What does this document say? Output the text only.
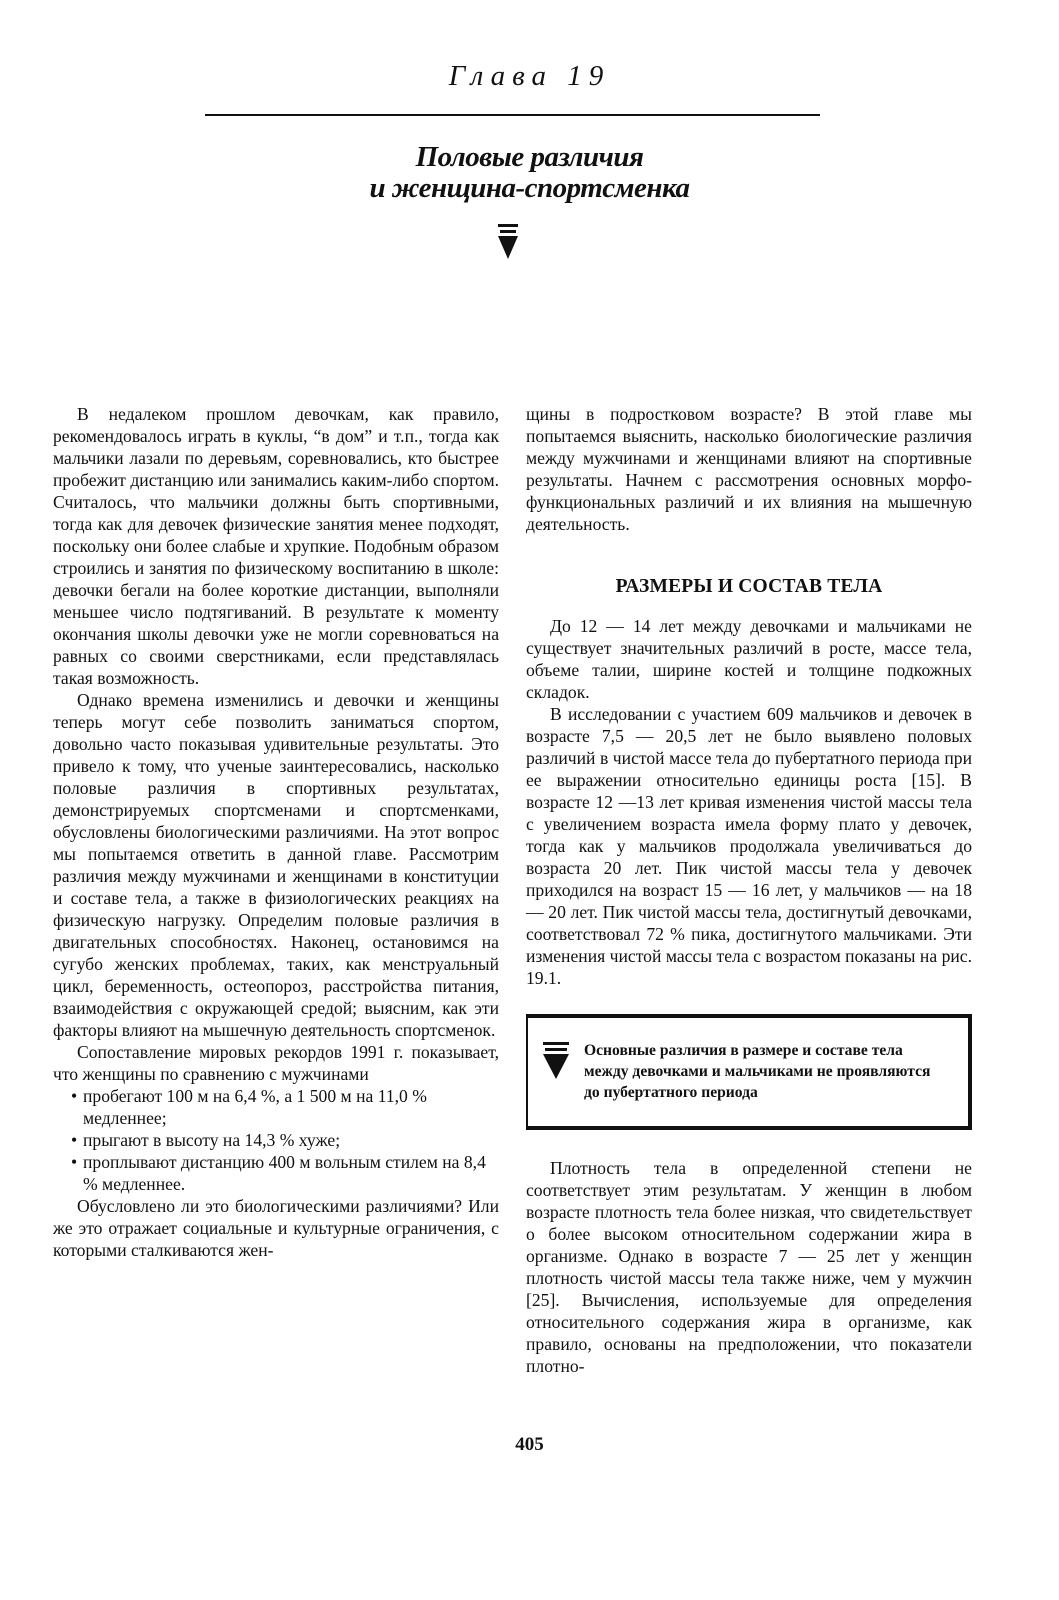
Глава 19
Половые различия
и женщина-спортсменка

В недалеком прошлом девочкам, как правило, рекомендовалось играть в куклы, “в дом” и т.п., тогда как мальчики лазали по деревьям, соревновались, кто быстрее пробежит дистанцию или занимались каким-либо спортом. Считалось, что мальчики должны быть спортивными, тогда как для девочек физические занятия менее подходят, поскольку они более слабые и хрупкие. Подобным образом строились и занятия по физическому воспитанию в школе: девочки бегали на более короткие дистанции, выполняли меньшее число подтягиваний. В результате к моменту окончания школы девочки уже не могли соревноваться на равных со своими сверстниками, если представлялась такая возможность.

Однако времена изменились и девочки и женщины теперь могут себе позволить заниматься спортом, довольно часто показывая удивительные результаты. Это привело к тому, что ученые заинтересовались, насколько половые различия в спортивных результатах, демонстрируемых спортсменами и спортсменками, обусловлены биологическими различиями. На этот вопрос мы попытаемся ответить в данной главе. Рассмотрим различия между мужчинами и женщинами в конституции и составе тела, а также в физиологических реакциях на физическую нагрузку. Определим половые различия в двигательных способностях. Наконец, остановимся на сугубо женских проблемах, таких, как менструальный цикл, беременность, остеопороз, расстройства питания, взаимодействия с окружающей средой; выясним, как эти факторы влияют на мышечную деятельность спортсменок.

Сопоставление мировых рекордов 1991 г. показывает, что женщины по сравнению с мужчинами

• пробегают 100 м на 6,4 %, а 1 500 м на 11,0 % медленнее;
• прыгают в высоту на 14,3 % хуже;
• проплывают дистанцию 400 м вольным стилем на 8,4 % медленнее.

Обусловлено ли это биологическими различиями? Или же это отражает социальные и культурные ограничения, с которыми сталкиваются жен-

щины в подростковом возрасте? В этой главе мы попытаемся выяснить, насколько биологические различия между мужчинами и женщинами влияют на спортивные результаты. Начнем с рассмотрения основных морфо-функциональных различий и их влияния на мышечную деятельность.

РАЗМЕРЫ И СОСТАВ ТЕЛА

До 12 — 14 лет между девочками и мальчиками не существует значительных различий в росте, массе тела, объеме талии, ширине костей и толщине подкожных складок.

В исследовании с участием 609 мальчиков и девочек в возрасте 7,5 — 20,5 лет не было выявлено половых различий в чистой массе тела до пубертатного периода при ее выражении относительно единицы роста [15]. В возрасте 12 —13 лет кривая изменения чистой массы тела с увеличением возраста имела форму плато у девочек, тогда как у мальчиков продолжала увеличиваться до возраста 20 лет. Пик чистой массы тела у девочек приходился на возраст 15 — 16 лет, у мальчиков — на 18 — 20 лет. Пик чистой массы тела, достигнутый девочками, соответствовал 72 % пика, достигнутого мальчиками. Эти изменения чистой массы тела с возрастом показаны на рис. 19.1.

Основные различия в размере и составе тела между девочками и мальчиками не проявляются до пубертатного периода

Плотность тела в определенной степени не соответствует этим результатам. У женщин в любом возрасте плотность тела более низкая, что свидетельствует о более высоком относительном содержании жира в организме. Однако в возрасте 7 — 25 лет у женщин плотность чистой массы тела также ниже, чем у мужчин [25]. Вычисления, используемые для определения относительного содержания жира в организме, как правило, основаны на предположении, что показатели плотно-

405
